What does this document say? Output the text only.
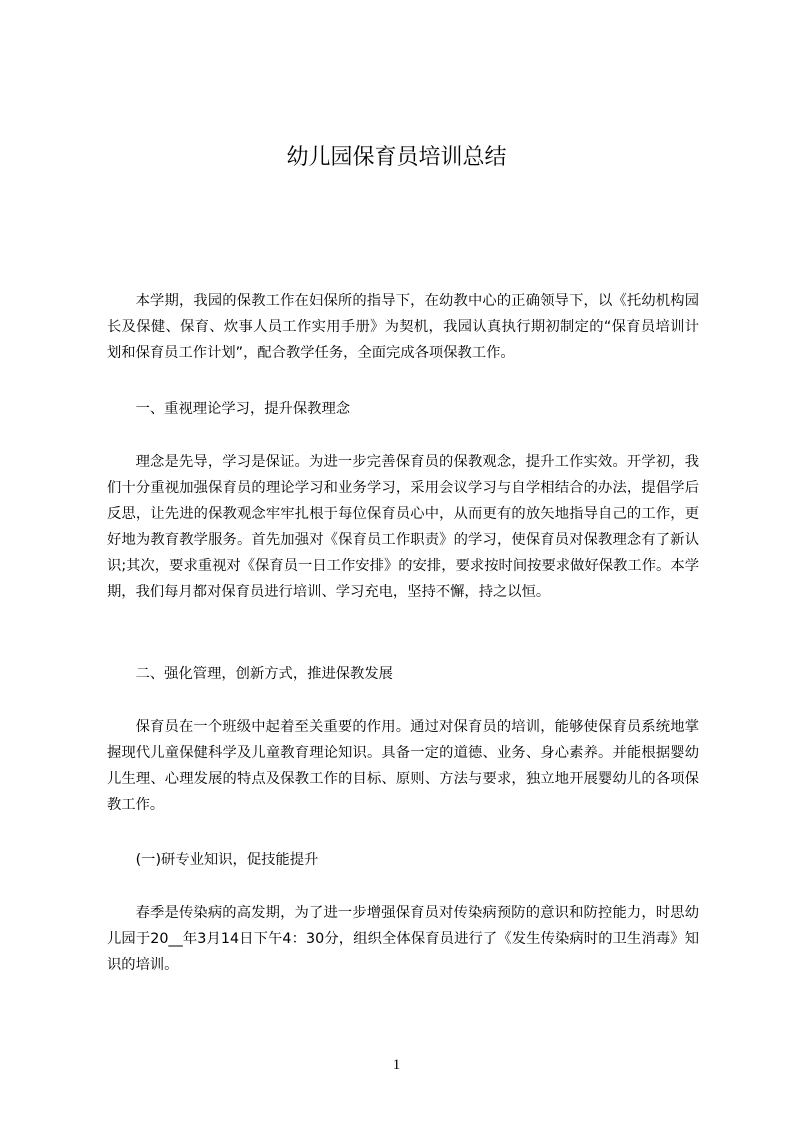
幼儿园保育员培训总结

本学期，我园的保教工作在妇保所的指导下，在幼教中心的正确领导下，以《托幼机构园长及保健、保育、炊事人员工作实用手册》为契机，我园认真执行期初制定的“保育员培训计划和保育员工作计划”，配合教学任务，全面完成各项保教工作。

一、重视理论学习，提升保教理念

理念是先导，学习是保证。为进一步完善保育员的保教观念，提升工作实效。开学初，我们十分重视加强保育员的理论学习和业务学习，采用会议学习与自学相结合的办法，提倡学后反思，让先进的保教观念牢牢扎根于每位保育员心中，从而更有的放矢地指导自己的工作，更好地为教育教学服务。首先加强对《保育员工作职责》的学习，使保育员对保教理念有了新认识;其次，要求重视对《保育员一日工作安排》的安排，要求按时间按要求做好保教工作。本学期，我们每月都对保育员进行培训、学习充电，坚持不懈，持之以恒。

二、强化管理，创新方式，推进保教发展

保育员在一个班级中起着至关重要的作用。通过对保育员的培训，能够使保育员系统地掌握现代儿童保健科学及儿童教育理论知识。具备一定的道德、业务、身心素养。并能根据婴幼儿生理、心理发展的特点及保教工作的目标、原则、方法与要求，独立地开展婴幼儿的各项保教工作。

(一)研专业知识，促技能提升

春季是传染病的高发期，为了进一步增强保育员对传染病预防的意识和防控能力，时思幼儿园于20__年3月14日下午4：30分，组织全体保育员进行了《发生传染病时的卫生消毒》知识的培训。

1
